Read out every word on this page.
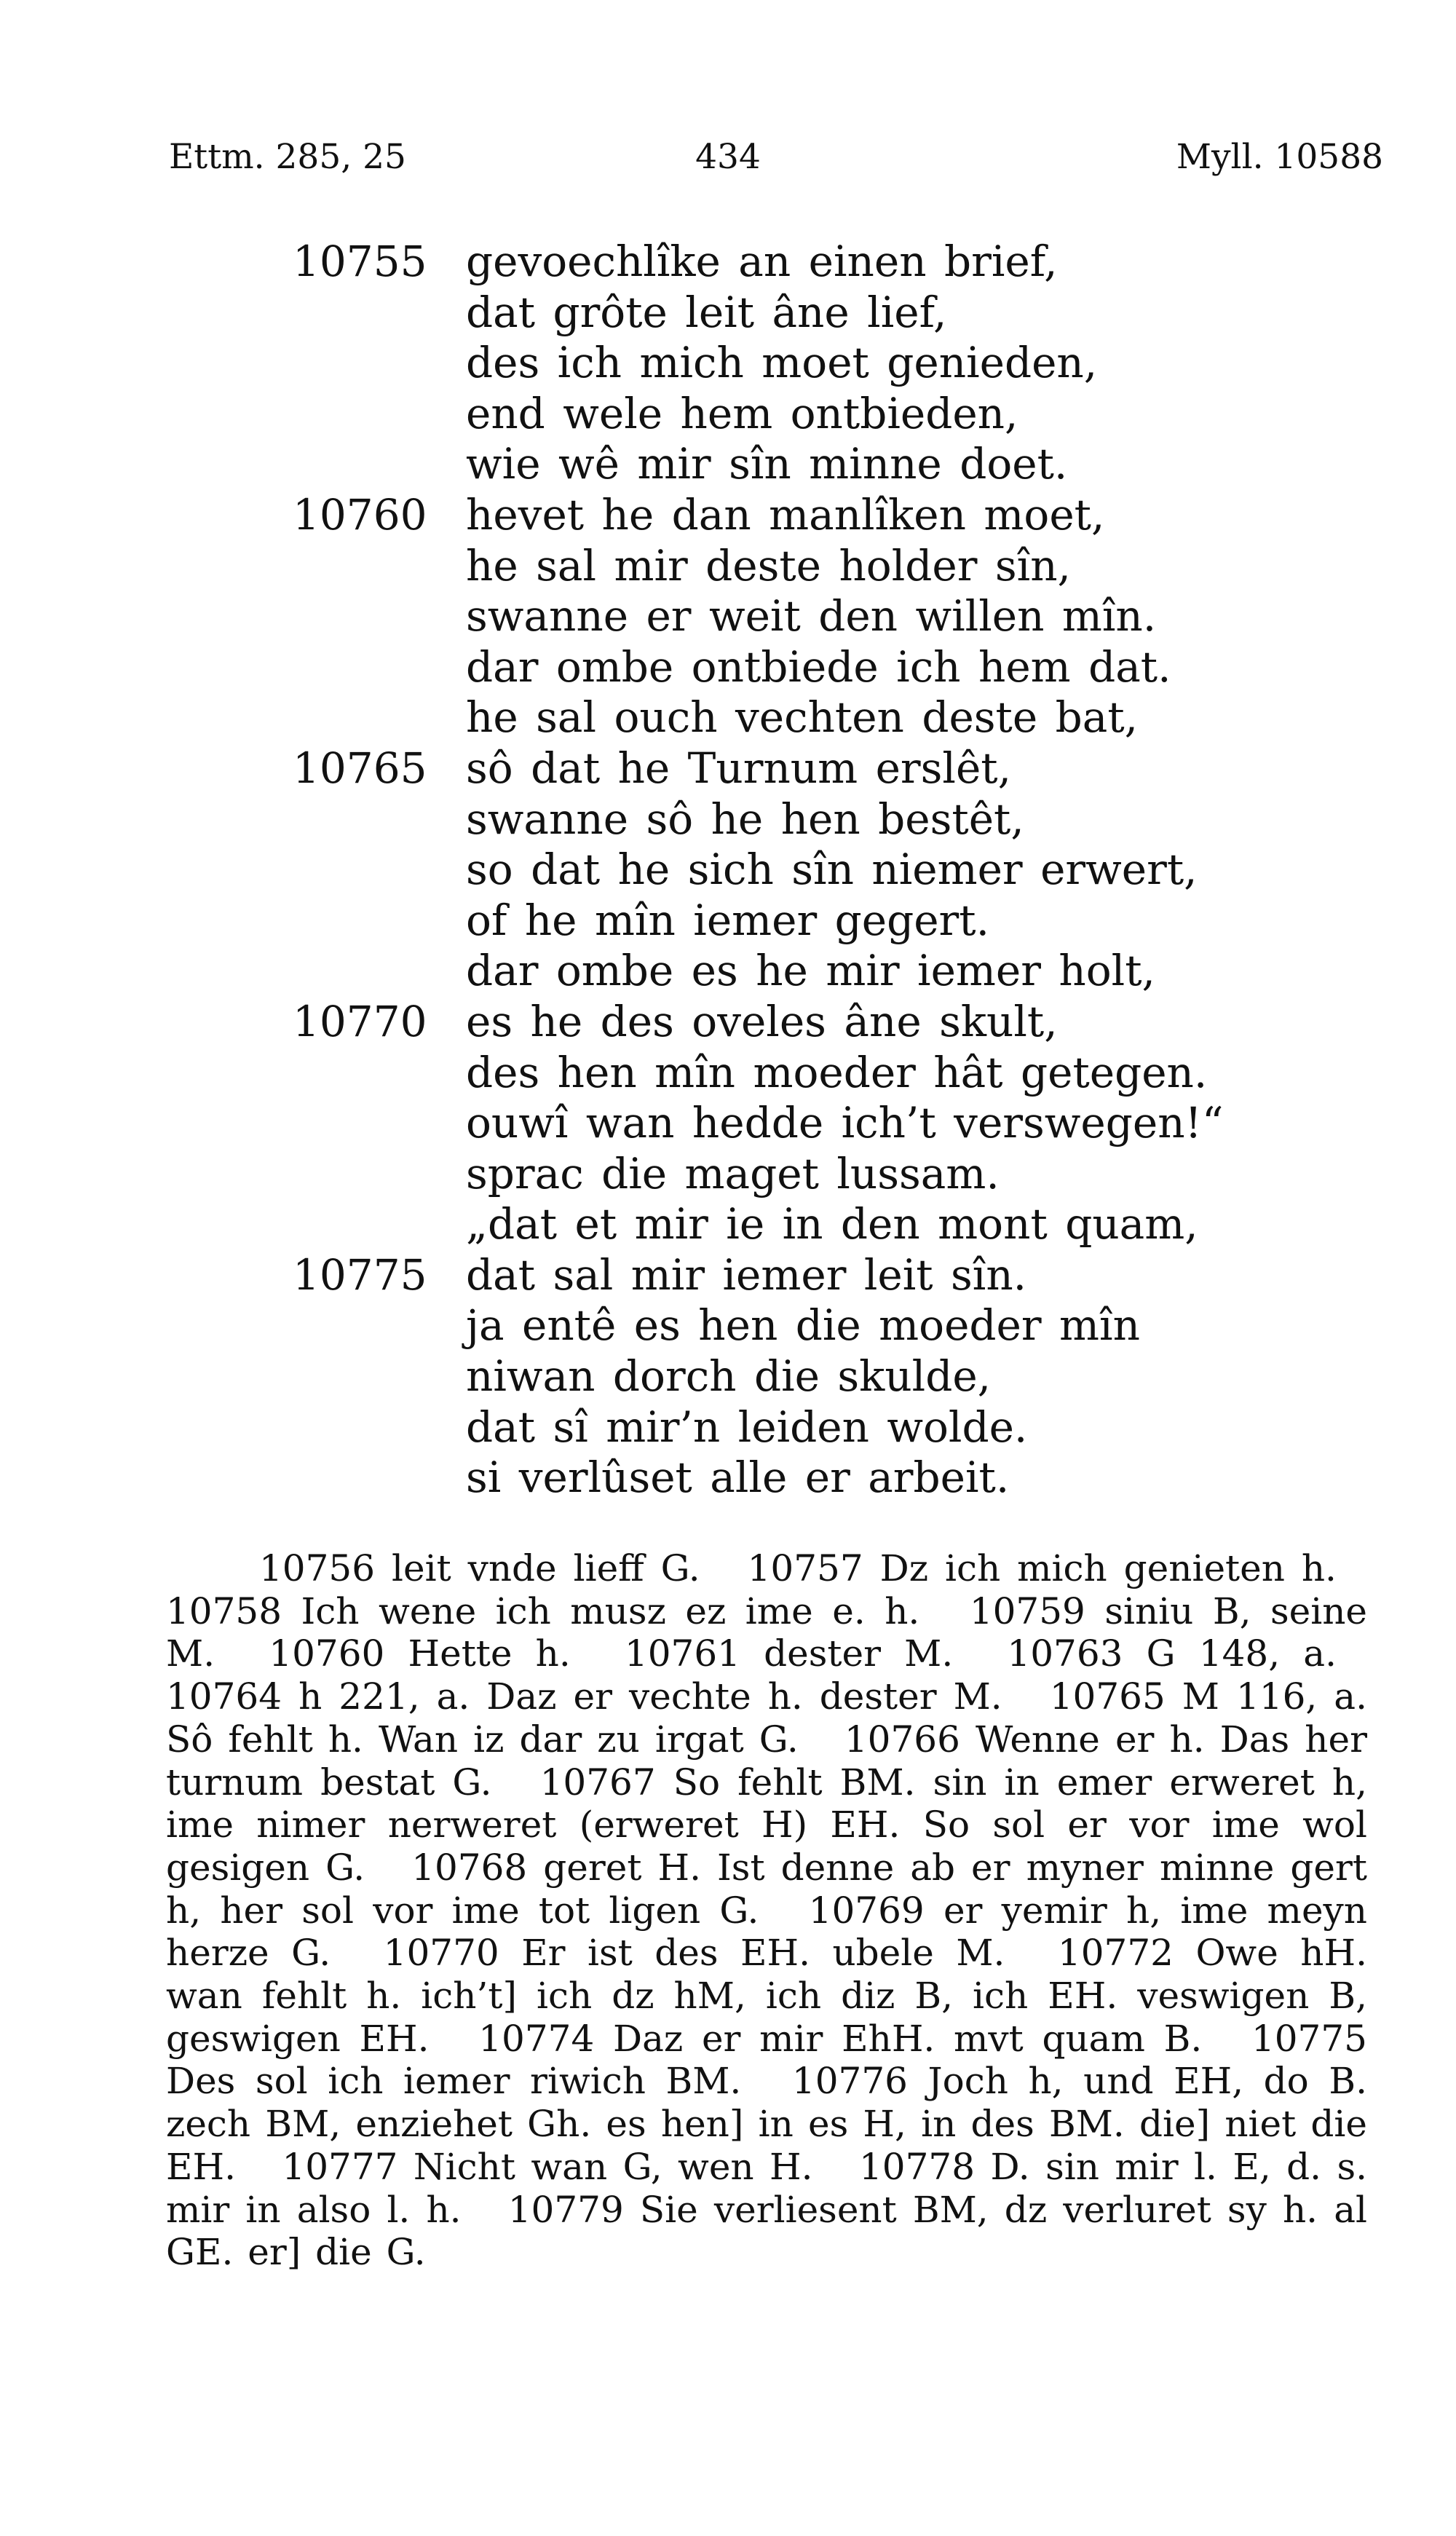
Ettm. 285, 25	434	Myll. 10588
10755 gevoechlîke an einen brief,
dat grôte leit âne lief,
des ich mich moet genieden,
end wele hem ontbieden,
wie wê mir sîn minne doet.
10760 hevet he dan manlîken moet,
he sal mir deste holder sîn,
swanne er weit den willen mîn.
dar ombe ontbiede ich hem dat.
he sal ouch vechten deste bat,
10765 sô dat he Turnum erslêt,
swanne sô he hen bestêt,
so dat he sich sîn niemer erwert,
of he mîn iemer gegert.
dar ombe es he mir iemer holt,
10770 es he des oveles âne skult,
des hen mîn moeder hât getegen.
ouwî wan hedde ich’t verswegen!“
sprac die maget lussam.
„dat et mir ie in den mont quam,
10775 dat sal mir iemer leit sîn.
ja entê es hen die moeder mîn
niwan dorch die skulde,
dat sî mir’n leiden wolde.
si verlûset alle er arbeit.

10756 leit vnde lieff G. 10757 Dz ich mich genieten h. 10758 Ich wene ich musz ez ime e. h. 10759 siniu B, seine M. 10760 Hette h. 10761 dester M. 10763 G 148, a. 10764 h 221, a. Daz er vechte h. dester M. 10765 M 116, a. Sô fehlt h. Wan iz dar zu irgat G. 10766 Wenne er h. Das her turnum bestat G. 10767 So fehlt BM. sin in emer erweret h, ime nimer nerweret (erweret H) EH. So sol er vor ime wol gesigen G. 10768 geret H. Ist denne ab er myner minne gert h, her sol vor ime tot ligen G. 10769 er yemir h, ime meyn herze G. 10770 Er ist des EH. ubele M. 10772 Owe hH. wan fehlt h. ich’t] ich dz hM, ich diz B, ich EH. veswigen B, geswigen EH. 10774 Daz er mir EhH. mvt quam B. 10775 Des sol ich iemer riwich BM. 10776 Joch h, und EH, do B. zech BM, enziehet Gh. es hen] in es H, in des BM. die] niet die EH. 10777 Nicht wan G, wen H. 10778 D. sin mir l. E, d. s. mir in also l. h. 10779 Sie verliesent BM, dz verluret sy h. al GE. er] die G.
